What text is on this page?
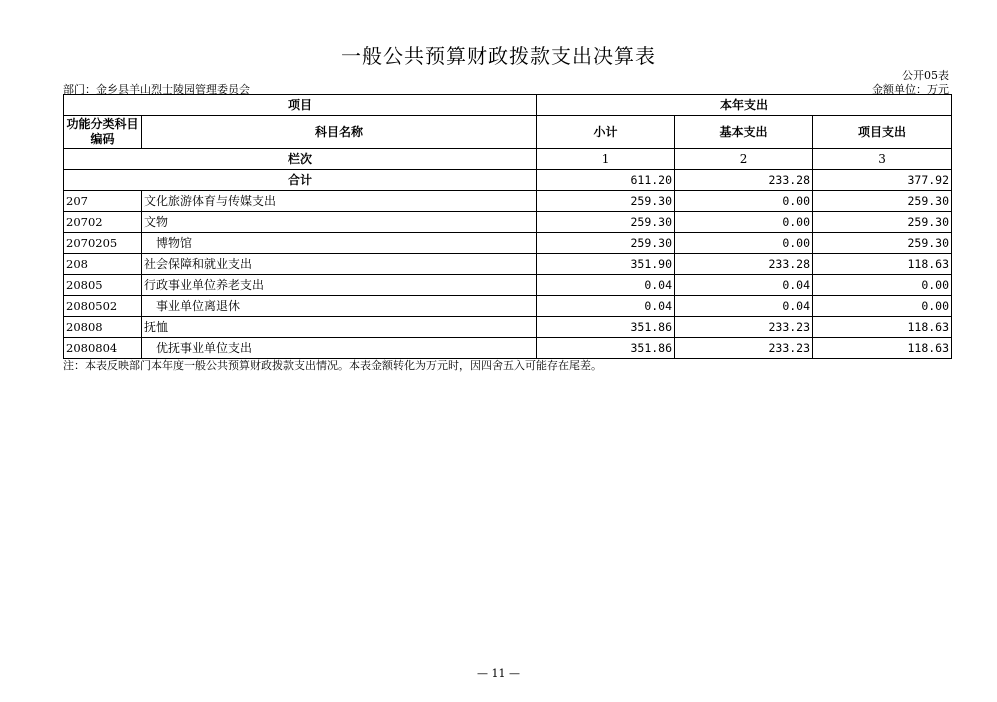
一般公共预算财政拨款支出决算表
公开05表
部门：金乡县羊山烈士陵园管理委员会	金额单位：万元
项目		本年支出		
功能分类科目编码	科目名称	小计	基本支出	项目支出
栏次		1	2	3
合计		611.20	233.28	377.92
207	文化旅游体育与传媒支出	259.30	0.00	259.30
20702	文物	259.30	0.00	259.30
2070205	博物馆	259.30	0.00	259.30
208	社会保障和就业支出	351.90	233.28	118.63
20805	行政事业单位养老支出	0.04	0.04	0.00
2080502	事业单位离退休	0.04	0.04	0.00
20808	抚恤	351.86	233.23	118.63
2080804	优抚事业单位支出	351.86	233.23	118.63
注：本表反映部门本年度一般公共预算财政拨款支出情况。本表金额转化为万元时，因四舍五入可能存在尾差。
— 11 —
